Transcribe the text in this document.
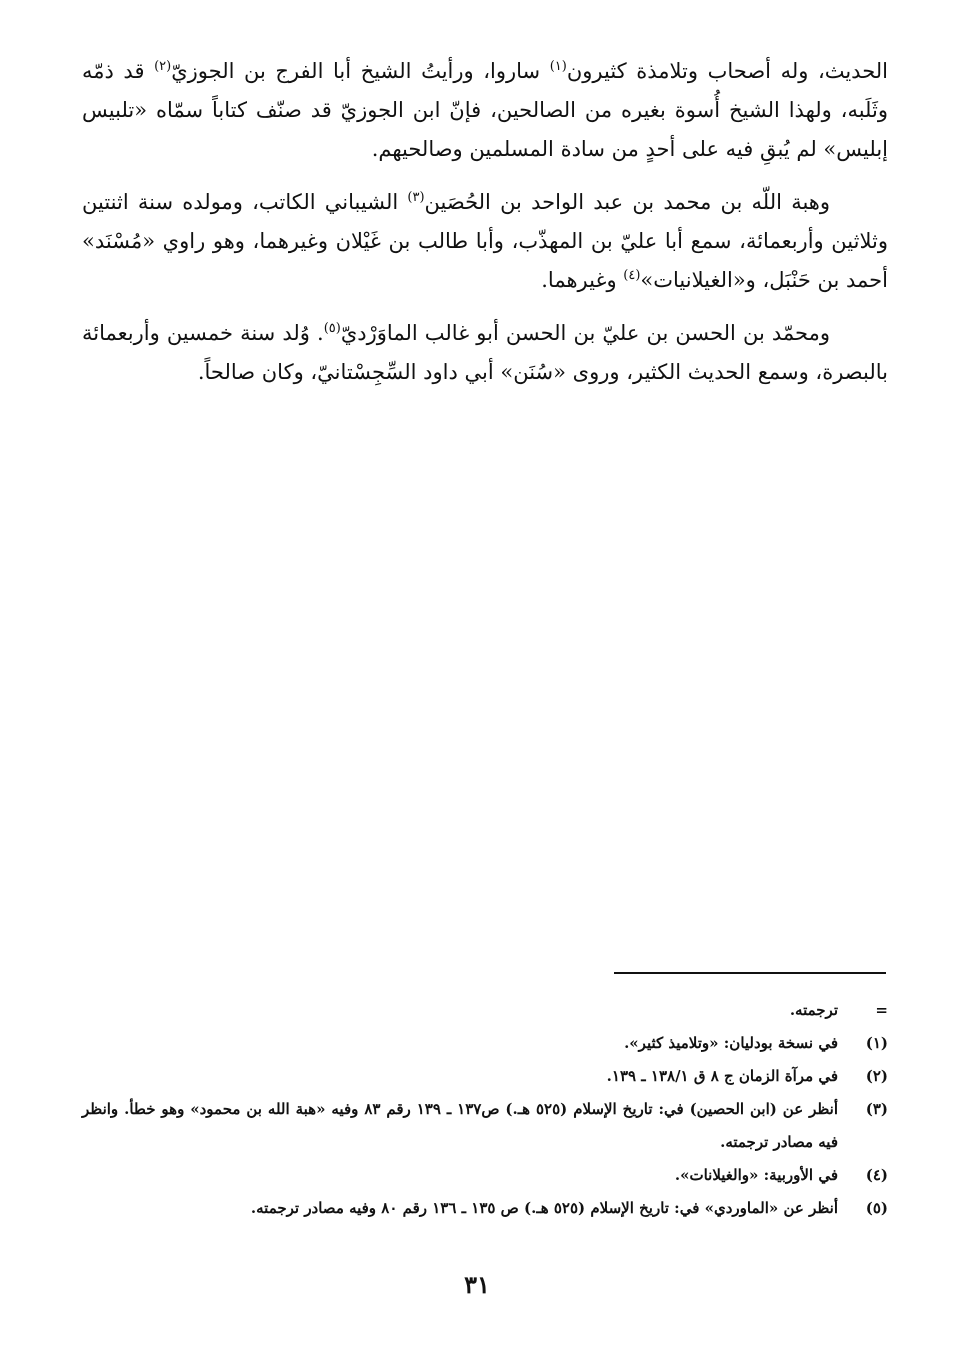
الحديث، وله أصحاب وتلامذة كثيرون$^{(١)}$ ساروا، ورأيتُ الشيخ أبا الفرج بن الجوزيّ$^{(٢)}$ قد ذمّه وثَلَبه، ولهذا الشيخ أُسوة بغيره من الصالحين، فإنّ ابن الجوزيّ قد صنّف كتاباً سمّاه «تلبيس إبليس» لم يُبقِ فيه على أحدٍ من سادة المسلمين وصالحيهم.

وهبة اللّه بن محمد بن عبد الواحد بن الحُصَين$^{(٣)}$ الشيباني الكاتب، ومولده سنة اثنتين وثلاثين وأربعمائة، سمع أبا عليّ بن المهذّب، وأبا طالب بن غَيْلان وغيرهما، وهو راوي «مُسْنَد» أحمد بن حَنْبَل، و«الغيلانيات»$^{(٤)}$ وغيرهما.

ومحمّد بن الحسن بن عليّ بن الحسن أبو غالب الماوَرْديّ$^{(٥)}$. وُلد سنة خمسين وأربعمائة بالبصرة، وسمع الحديث الكثير، وروى «سُنَن» أبي داود السِّجِسْتانيّ، وكان صالحاً.

=
ترجمته.
(١)
في نسخة بودليان: «وتلاميذ كثير».
(٢)
في مرآة الزمان ج ٨ ق ١٣٨/١ ـ ١٣٩.
(٣)
أنظر عن (ابن الحصين) في: تاريخ الإسلام (٥٢٥ هـ.) ص١٣٧ ـ ١٣٩ رقم ٨٣ وفيه «هبة الله بن محمود» وهو خطأ. وانظر فيه مصادر ترجمته.
(٤)
في الأوربية: «والغيلانات».
(٥)
أنظر عن «الماوردي» في: تاريخ الإسلام (٥٢٥ هـ.) ص ١٣٥ ـ ١٣٦ رقم ٨٠ وفيه مصادر ترجمته.
٣١
